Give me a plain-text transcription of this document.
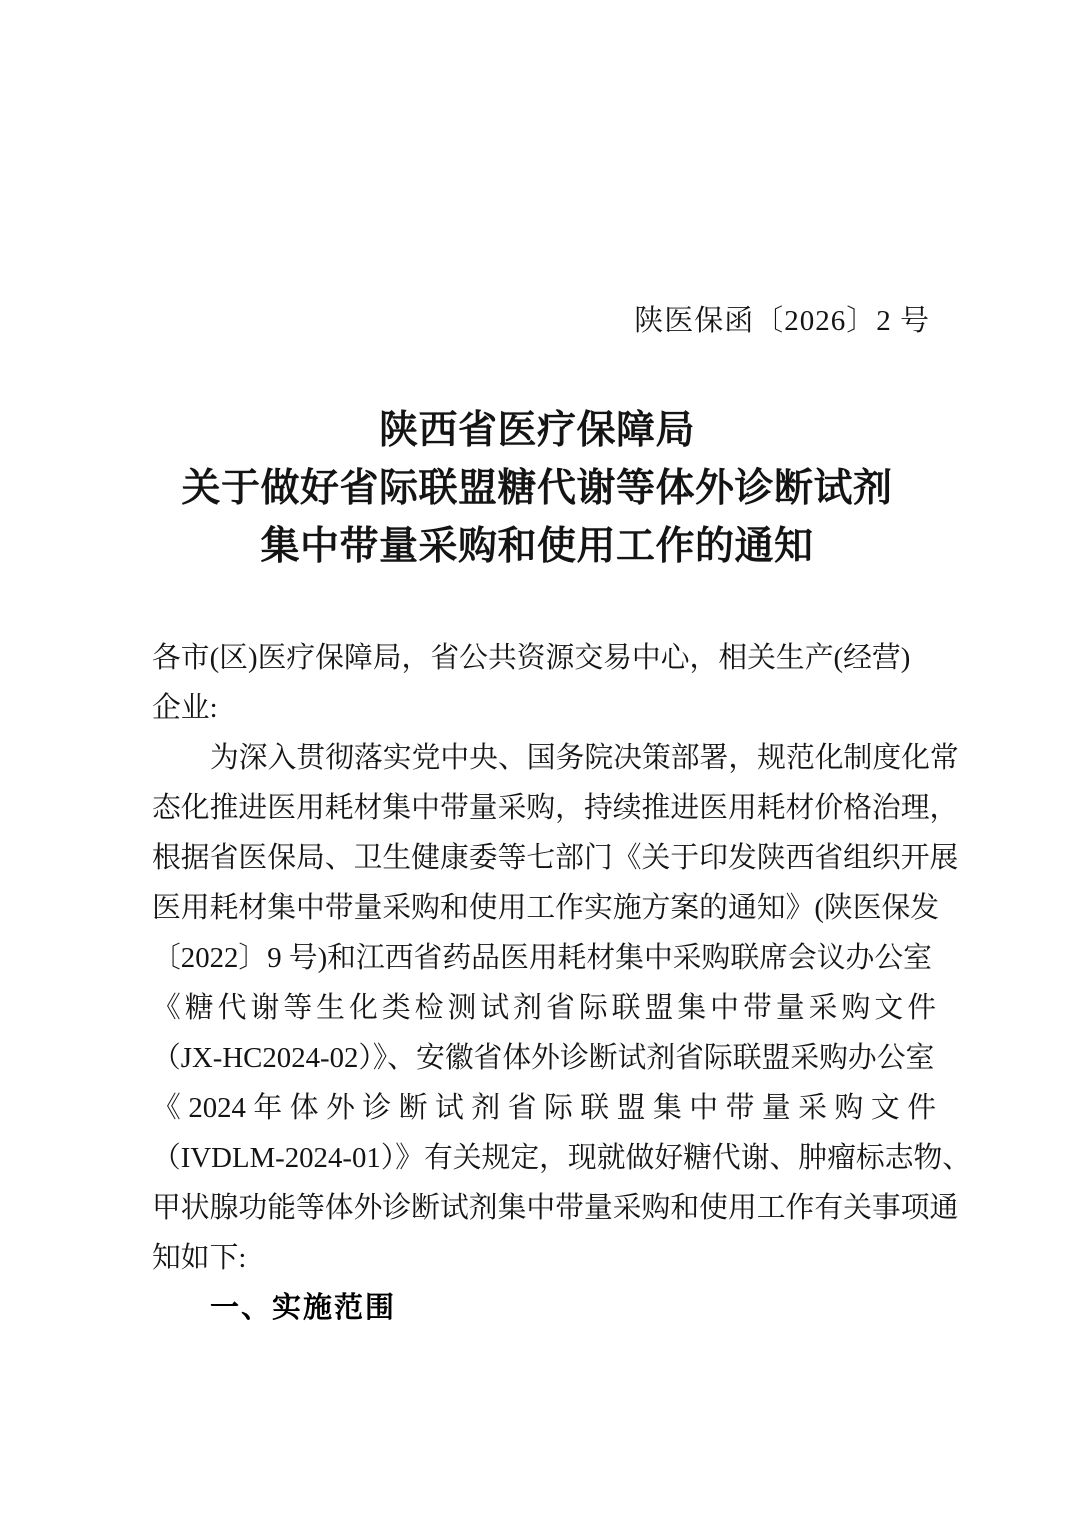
陕医保函〔2026〕2 号
陕西省医疗保障局
关于做好省际联盟糖代谢等体外诊断试剂
集中带量采购和使用工作的通知
各市(区)医疗保障局，省公共资源交易中心，相关生产(经营)
企业:
为深入贯彻落实党中央、国务院决策部署，规范化制度化常
态化推进医用耗材集中带量采购，持续推进医用耗材价格治理，
根据省医保局、卫生健康委等七部门《关于印发陕西省组织开展
医用耗材集中带量采购和使用工作实施方案的通知》(陕医保发
〔2022〕9 号)和江西省药品医用耗材集中采购联席会议办公室
《糖代谢等生化类检测试剂省际联盟集中带量采购文件
（JX-HC2024-02）》、安徽省体外诊断试剂省际联盟采购办公室
《2024年体外诊断试剂省际联盟集中带量采购文件
（IVDLM-2024-01）》有关规定，现就做好糖代谢、肿瘤标志物、
甲状腺功能等体外诊断试剂集中带量采购和使用工作有关事项通
知如下:
一、实施范围
